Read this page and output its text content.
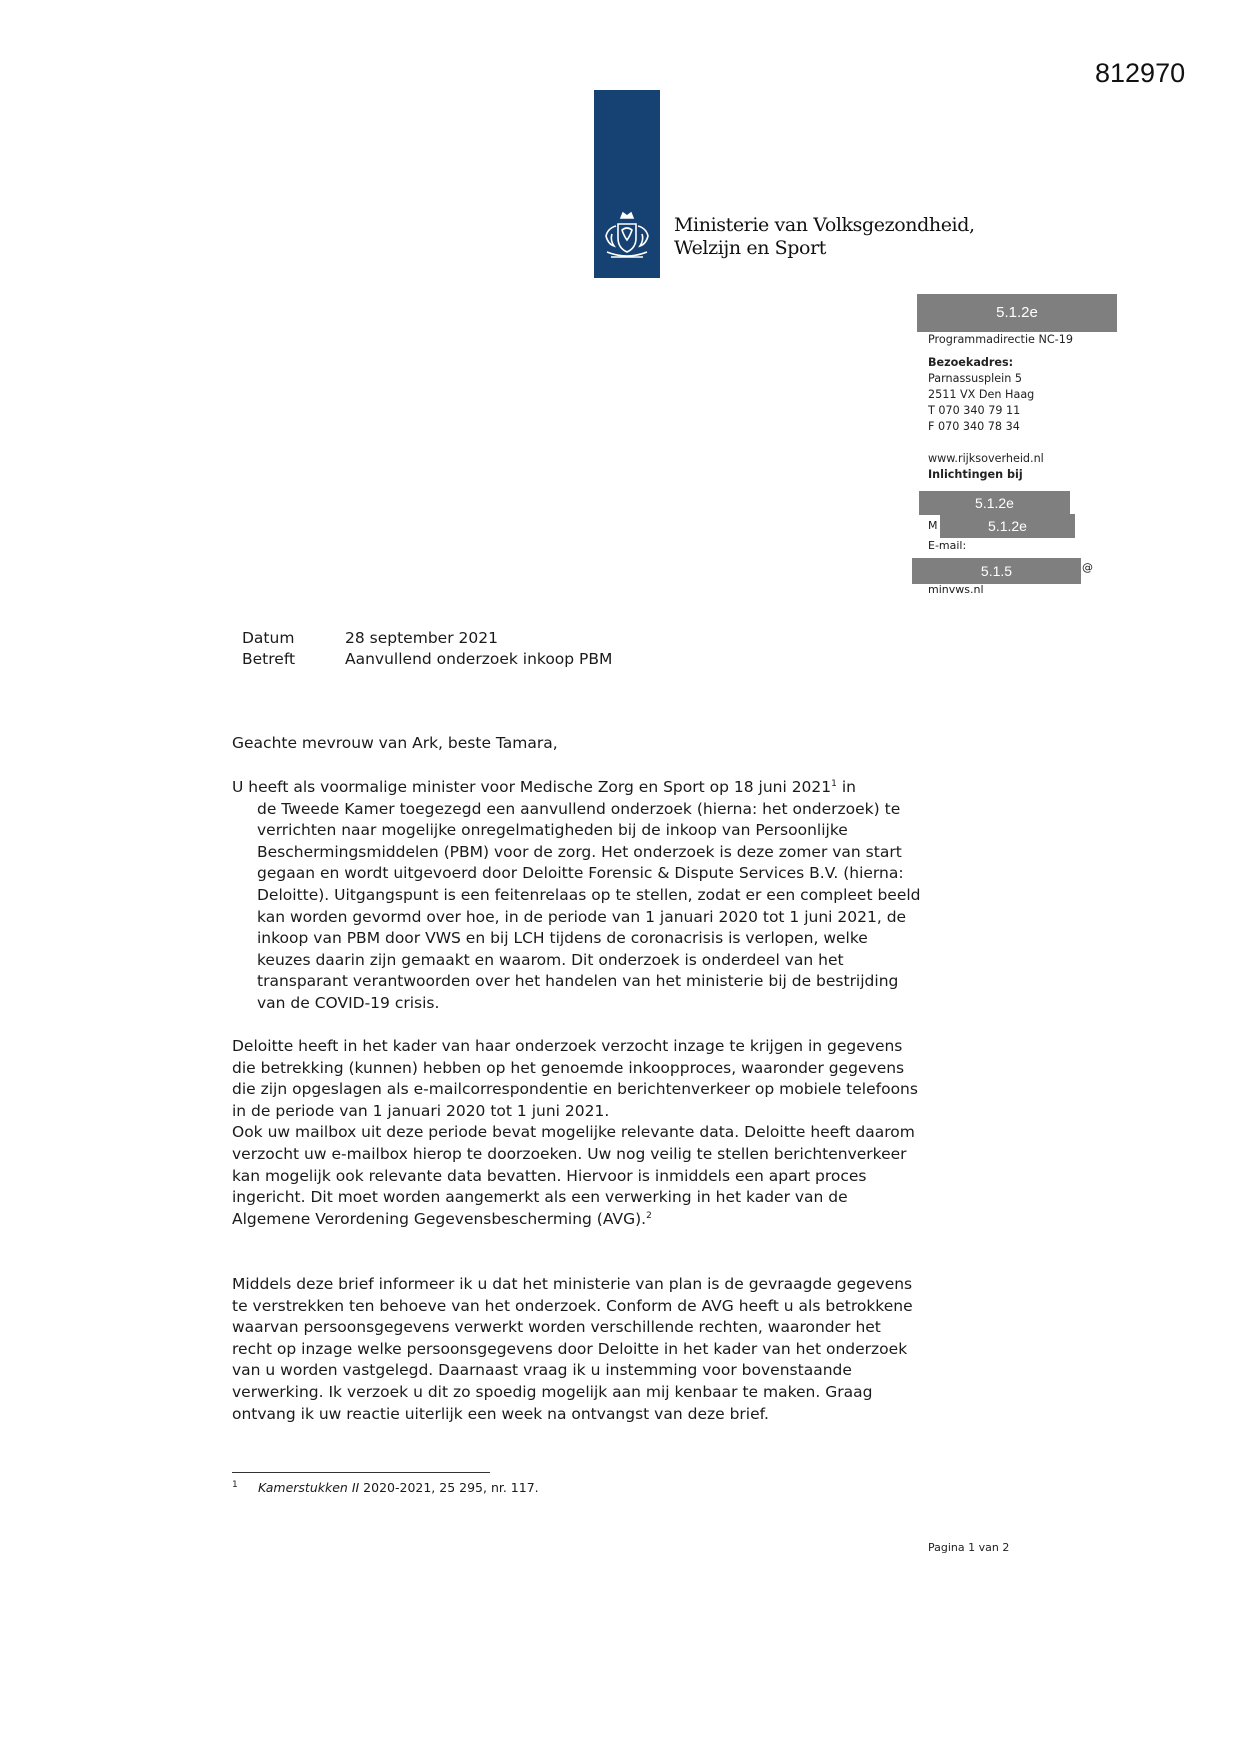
812970
Ministerie van Volksgezondheid,
Welzijn en Sport
5.1.2e
Programmadirectie NC-19
Bezoekadres:
Parnassusplein 5
2511 VX Den Haag
T 070 340 79 11
F 070 340 78 34
www.rijksoverheid.nl
Inlichtingen bij
5.1.2e
M	5.1.2e
E-mail:
5.1.5	@
minvws.nl
Datum	28 september 2021
Betreft	Aanvullend onderzoek inkoop PBM
Geachte mevrouw van Ark, beste Tamara,

U heeft als voormalige minister voor Medische Zorg en Sport op 18 juni 2021$^1$ in

de Tweede Kamer toegezegd een aanvullend onderzoek (hierna: het onderzoek) te verrichten naar mogelijke onregelmatigheden bij de inkoop van Persoonlijke Beschermingsmiddelen (PBM) voor de zorg. Het onderzoek is deze zomer van start gegaan en wordt uitgevoerd door Deloitte Forensic & Dispute Services B.V. (hierna: Deloitte). Uitgangspunt is een feitenrelaas op te stellen, zodat er een compleet beeld kan worden gevormd over hoe, in de periode van 1 januari 2020 tot 1 juni 2021, de inkoop van PBM door VWS en bij LCH tijdens de coronacrisis is verlopen, welke keuzes daarin zijn gemaakt en waarom. Dit onderzoek is onderdeel van het transparant verantwoorden over het handelen van het ministerie bij de bestrijding van de COVID-19 crisis.

Deloitte heeft in het kader van haar onderzoek verzocht inzage te krijgen in gegevens die betrekking (kunnen) hebben op het genoemde inkoopproces, waaronder gegevens die zijn opgeslagen als e-mailcorrespondentie en berichtenverkeer op mobiele telefoons in de periode van 1 januari 2020 tot 1 juni 2021.

Ook uw mailbox uit deze periode bevat mogelijke relevante data. Deloitte heeft daarom verzocht uw e-mailbox hierop te doorzoeken. Uw nog veilig te stellen berichtenverkeer kan mogelijk ook relevante data bevatten. Hiervoor is inmiddels een apart proces ingericht. Dit moet worden aangemerkt als een verwerking in het kader van de Algemene Verordening Gegevensbescherming (AVG).$^2$

Middels deze brief informeer ik u dat het ministerie van plan is de gevraagde gegevens te verstrekken ten behoeve van het onderzoek. Conform de AVG heeft u als betrokkene waarvan persoonsgegevens verwerkt worden verschillende rechten, waaronder het recht op inzage welke persoonsgegevens door Deloitte in het kader van het onderzoek van u worden vastgelegd. Daarnaast vraag ik u instemming voor bovenstaande verwerking. Ik verzoek u dit zo spoedig mogelijk aan mij kenbaar te maken. Graag ontvang ik uw reactie uiterlijk een week na ontvangst van deze brief.

1 Kamerstukken II 2020-2021, 25 295, nr. 117.
Pagina 1 van 2
